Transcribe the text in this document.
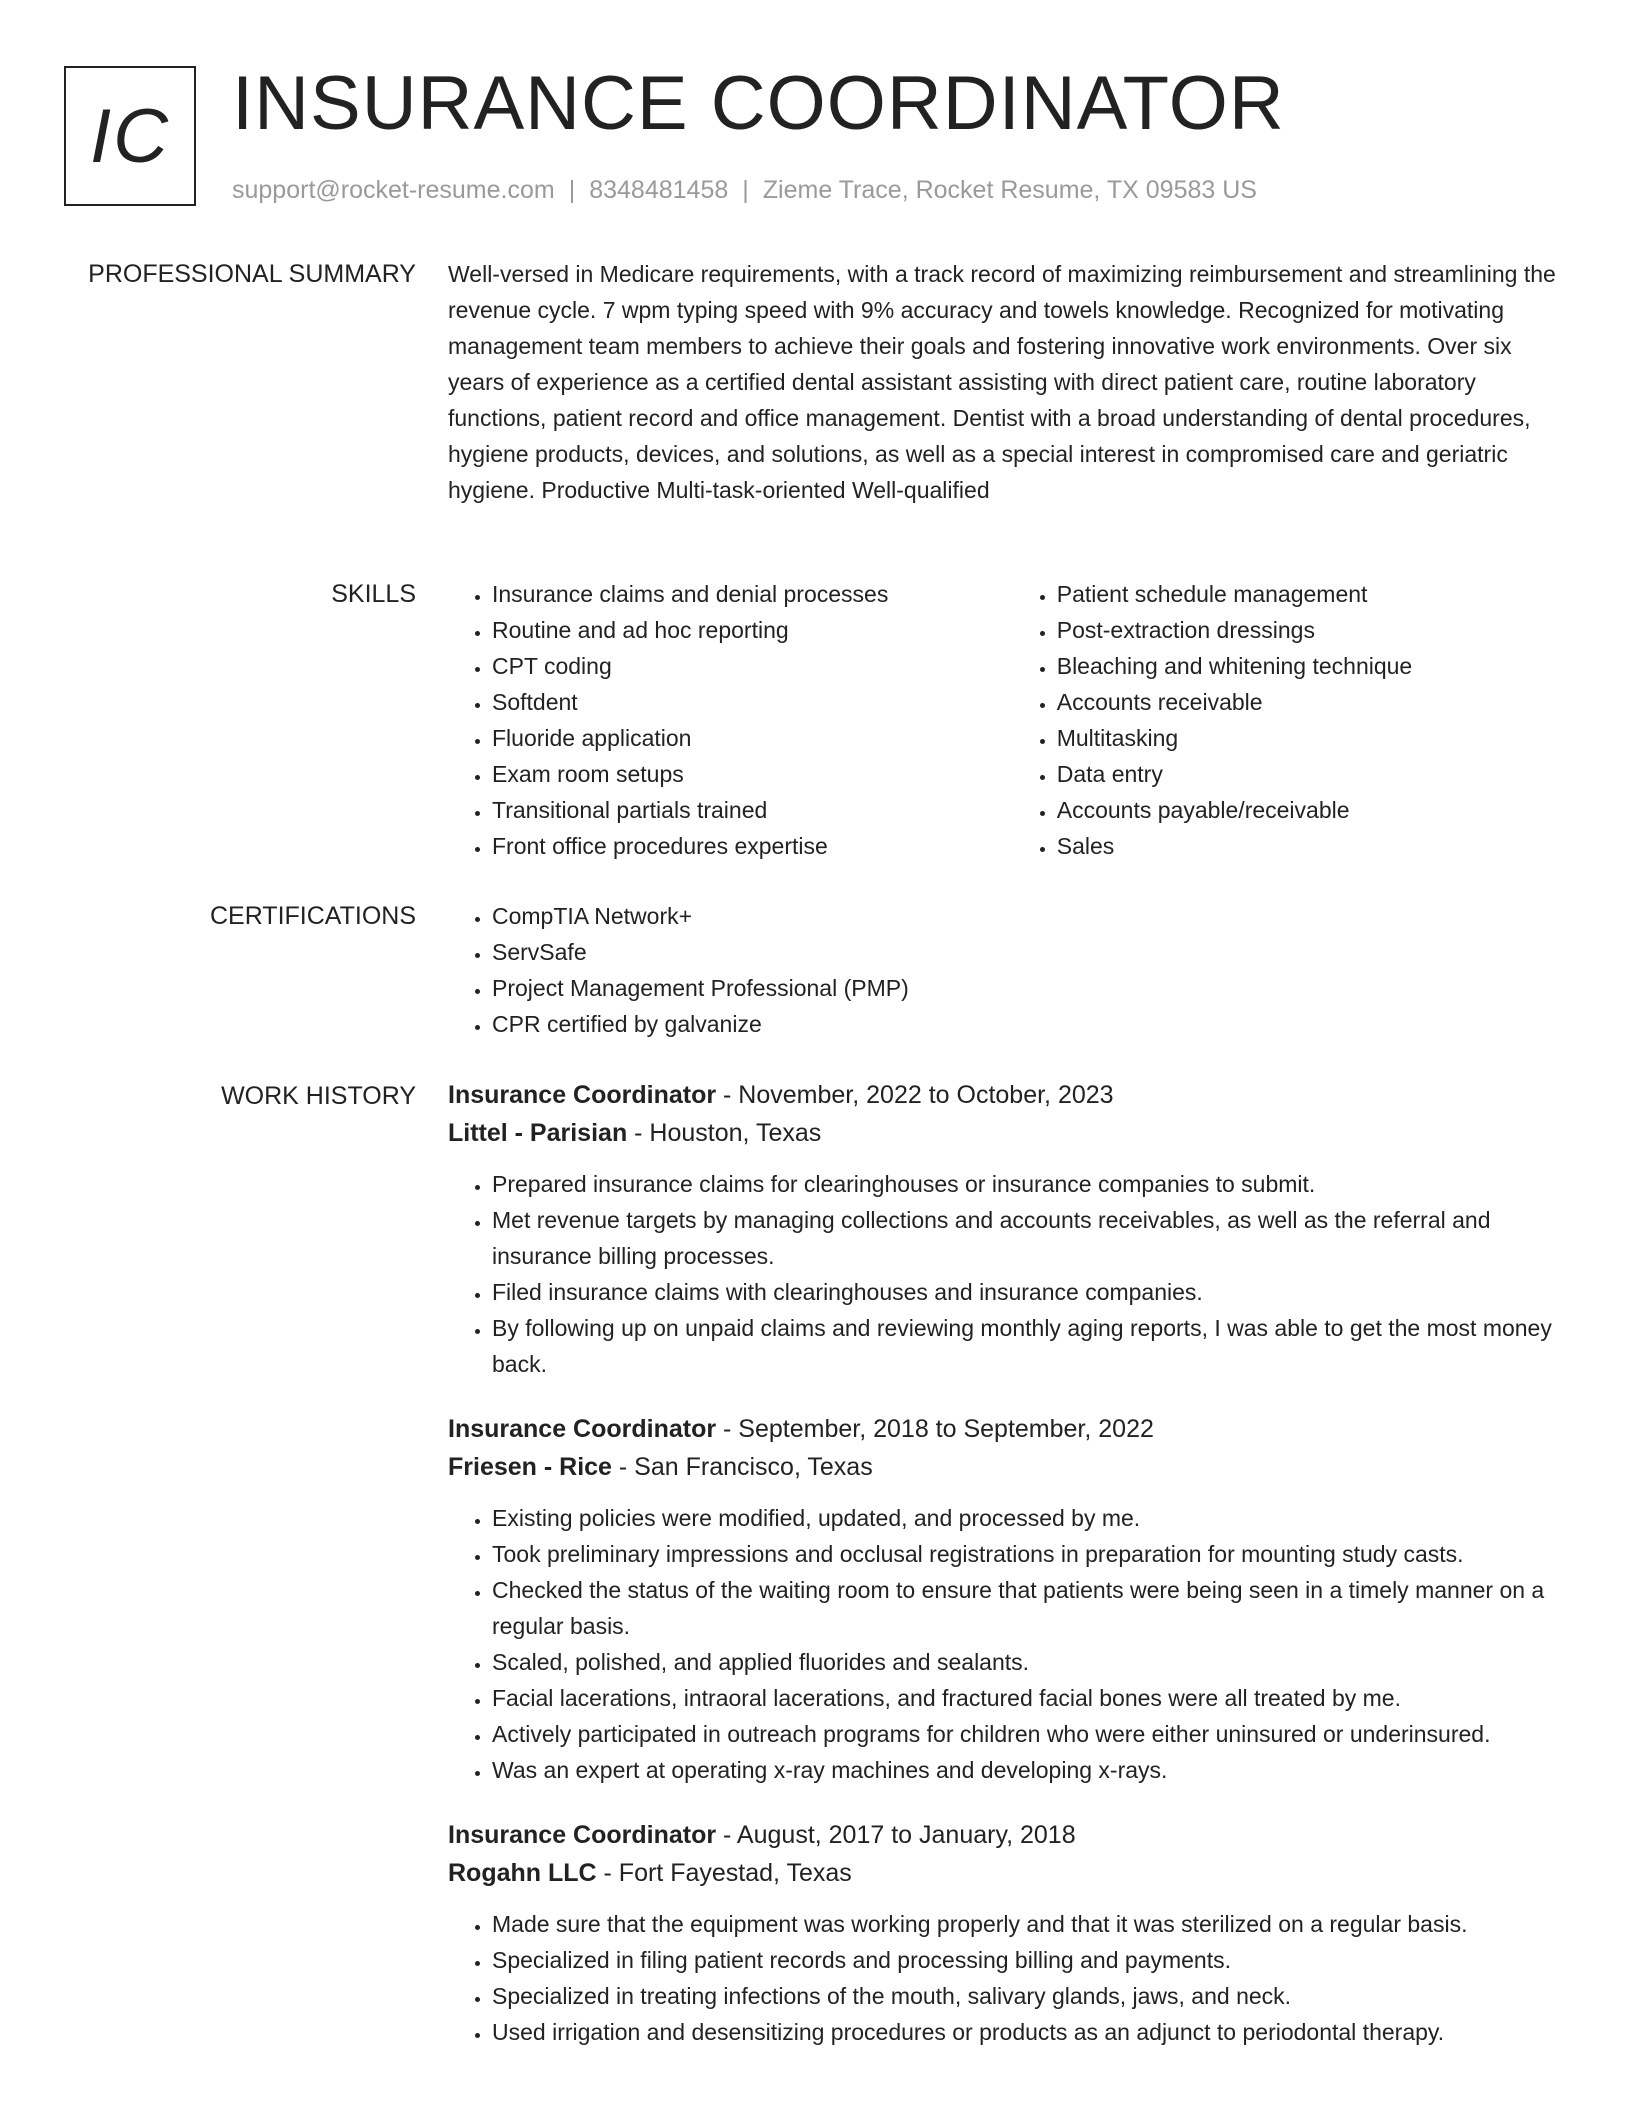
IC INSURANCE COORDINATOR
support@rocket-resume.com | 8348481458 | Zieme Trace, Rocket Resume, TX 09583 US
PROFESSIONAL SUMMARY Well-versed in Medicare requirements, with a track record of maximizing reimbursement and streamlining the revenue cycle. 7 wpm typing speed with 9% accuracy and towels knowledge. Recognized for motivating management team members to achieve their goals and fostering innovative work environments. Over six years of experience as a certified dental assistant assisting with direct patient care, routine laboratory functions, patient record and office management. Dentist with a broad understanding of dental procedures, hygiene products, devices, and solutions, as well as a special interest in compromised care and geriatric hygiene. Productive Multi-task-oriented Well-qualified
SKILLS	• Insurance claims and denial processes
• Routine and ad hoc reporting
• CPT coding
• Softdent
• Fluoride application
• Exam room setups
• Transitional partials trained
• Front office procedures expertise
• Patient schedule management
• Post-extraction dressings
• Bleaching and whitening technique
• Accounts receivable
• Multitasking
• Data entry
• Accounts payable/receivable
• Sales
CERTIFICATIONS	• CompTIA Network+
• ServSafe
• Project Management Professional (PMP)
• CPR certified by galvanize
WORK HISTORY Insurance Coordinator - November, 2022 to October, 2023
Littel - Parisian - Houston, Texas
• Prepared insurance claims for clearinghouses or insurance companies to submit.
• Met revenue targets by managing collections and accounts receivables, as well as the referral and insurance billing processes.
• Filed insurance claims with clearinghouses and insurance companies.
• By following up on unpaid claims and reviewing monthly aging reports, I was able to get the most money back.
Insurance Coordinator - September, 2018 to September, 2022
Friesen - Rice - San Francisco, Texas
• Existing policies were modified, updated, and processed by me.
• Took preliminary impressions and occlusal registrations in preparation for mounting study casts.
• Checked the status of the waiting room to ensure that patients were being seen in a timely manner on a regular basis.
• Scaled, polished, and applied fluorides and sealants.
• Facial lacerations, intraoral lacerations, and fractured facial bones were all treated by me.
• Actively participated in outreach programs for children who were either uninsured or underinsured.
• Was an expert at operating x-ray machines and developing x-rays.
Insurance Coordinator - August, 2017 to January, 2018
Rogahn LLC - Fort Fayestad, Texas
• Made sure that the equipment was working properly and that it was sterilized on a regular basis.
• Specialized in filing patient records and processing billing and payments.
• Specialized in treating infections of the mouth, salivary glands, jaws, and neck.
• Used irrigation and desensitizing procedures or products as an adjunct to periodontal therapy.
